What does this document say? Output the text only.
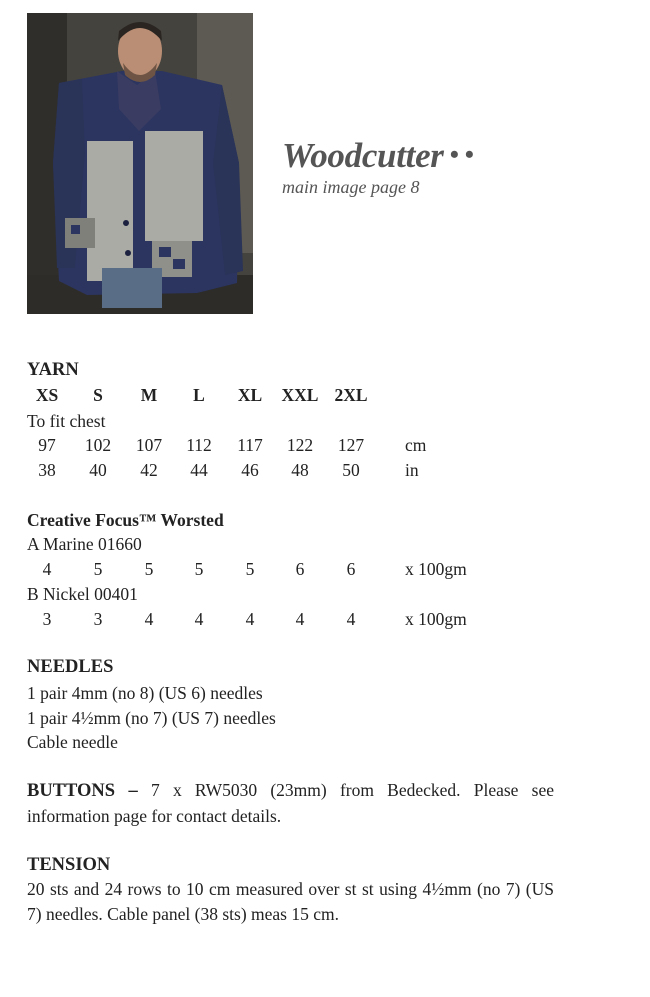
Woodcutter • •
main image page 8
YARN
XS	S	M	L	XL	XXL 2XL
To fit chest
97	102	107	112	117	122	127	cm
38	40	42	44	46	48	50	in
Creative Focus™ Worsted
A Marine 01660
4	5	5	5	5	6	6	x 100gm
B Nickel 00401
3	3	4	4	4	4	4	x 100gm
NEEDLES
1 pair 4mm (no 8) (US 6) needles
1 pair 4½mm (no 7) (US 7) needles
Cable needle
BUTTONS – 7 x RW5030 (23mm) from Bedecked. Please see information page for contact details.
TENSION
20 sts and 24 rows to 10 cm measured over st st using 4½mm (no 7) (US 7) needles. Cable panel (38 sts) meas 15 cm.
